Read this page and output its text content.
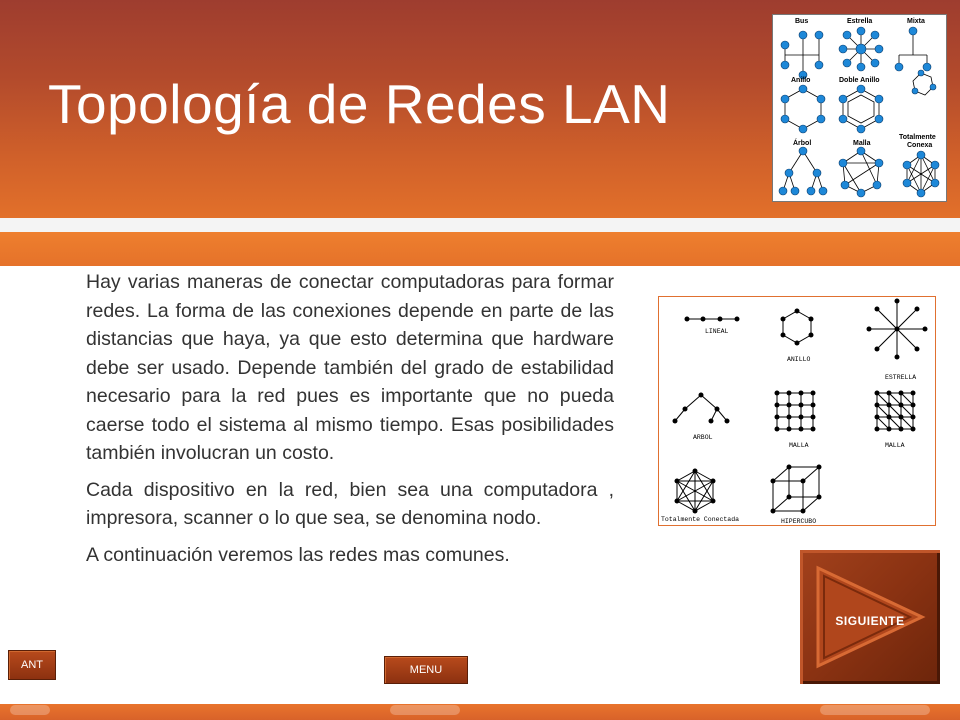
Topología de Redes LAN
Bus	Estrella	Mixta
Anillo	Doble Anillo
Árbol	Malla
Totalmente
Conexa

Hay varias maneras de conectar computadoras para formar redes. La forma de las conexiones depende en parte de las distancias que haya, ya que esto determina que hardware debe ser usado. Depende también del grado de estabilidad necesario para la red pues es importante que no pueda caerse todo el sistema al mismo tiempo. Esas posibilidades también involucran un costo.

Cada dispositivo en la red, bien sea una computadora , impresora, scanner o lo que sea, se denomina nodo.

A continuación veremos las redes mas comunes.

LINEAL
ANILLO
ESTRELLA
ARBOL
MALLA	MALLA
Totalmente Conectada	HIPERCUBO
SIGUIENTE
ANT	MENU
